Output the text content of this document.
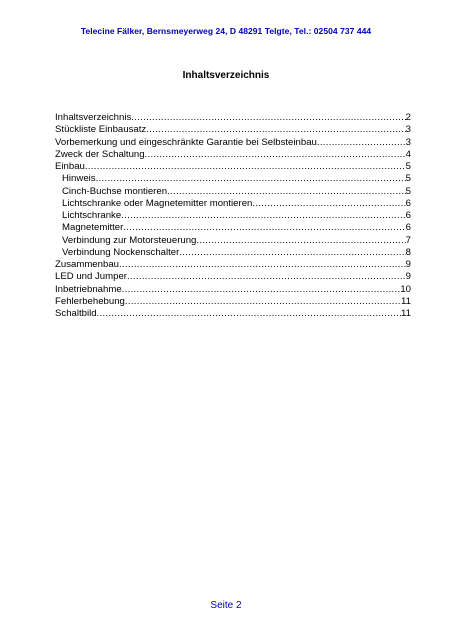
Telecine Fälker, Bernsmeyerweg 24, D 48291 Telgte, Tel.: 02504 737 444
Inhaltsverzeichnis
Inhaltsverzeichnis .....	2
Stückliste Einbausatz .....	3
Vorbemerkung und eingeschränkte Garantie bei Selbsteinbau .....	3
Zweck der Schaltung .....	4
Einbau .....	5
Hinweis .....	5
Cinch-Buchse montieren .....	5
Lichtschranke oder Magnetemitter montieren .....	6
Lichtschranke .....	6
Magnetemitter .....	6
Verbindung zur Motorsteuerung .....	7
Verbindung Nockenschalter .....	8
Zusammenbau .....	9
LED und Jumper .....	9
Inbetriebnahme .....	10
Fehlerbehebung .....	11
Schaltbild .....	11
Seite 2
